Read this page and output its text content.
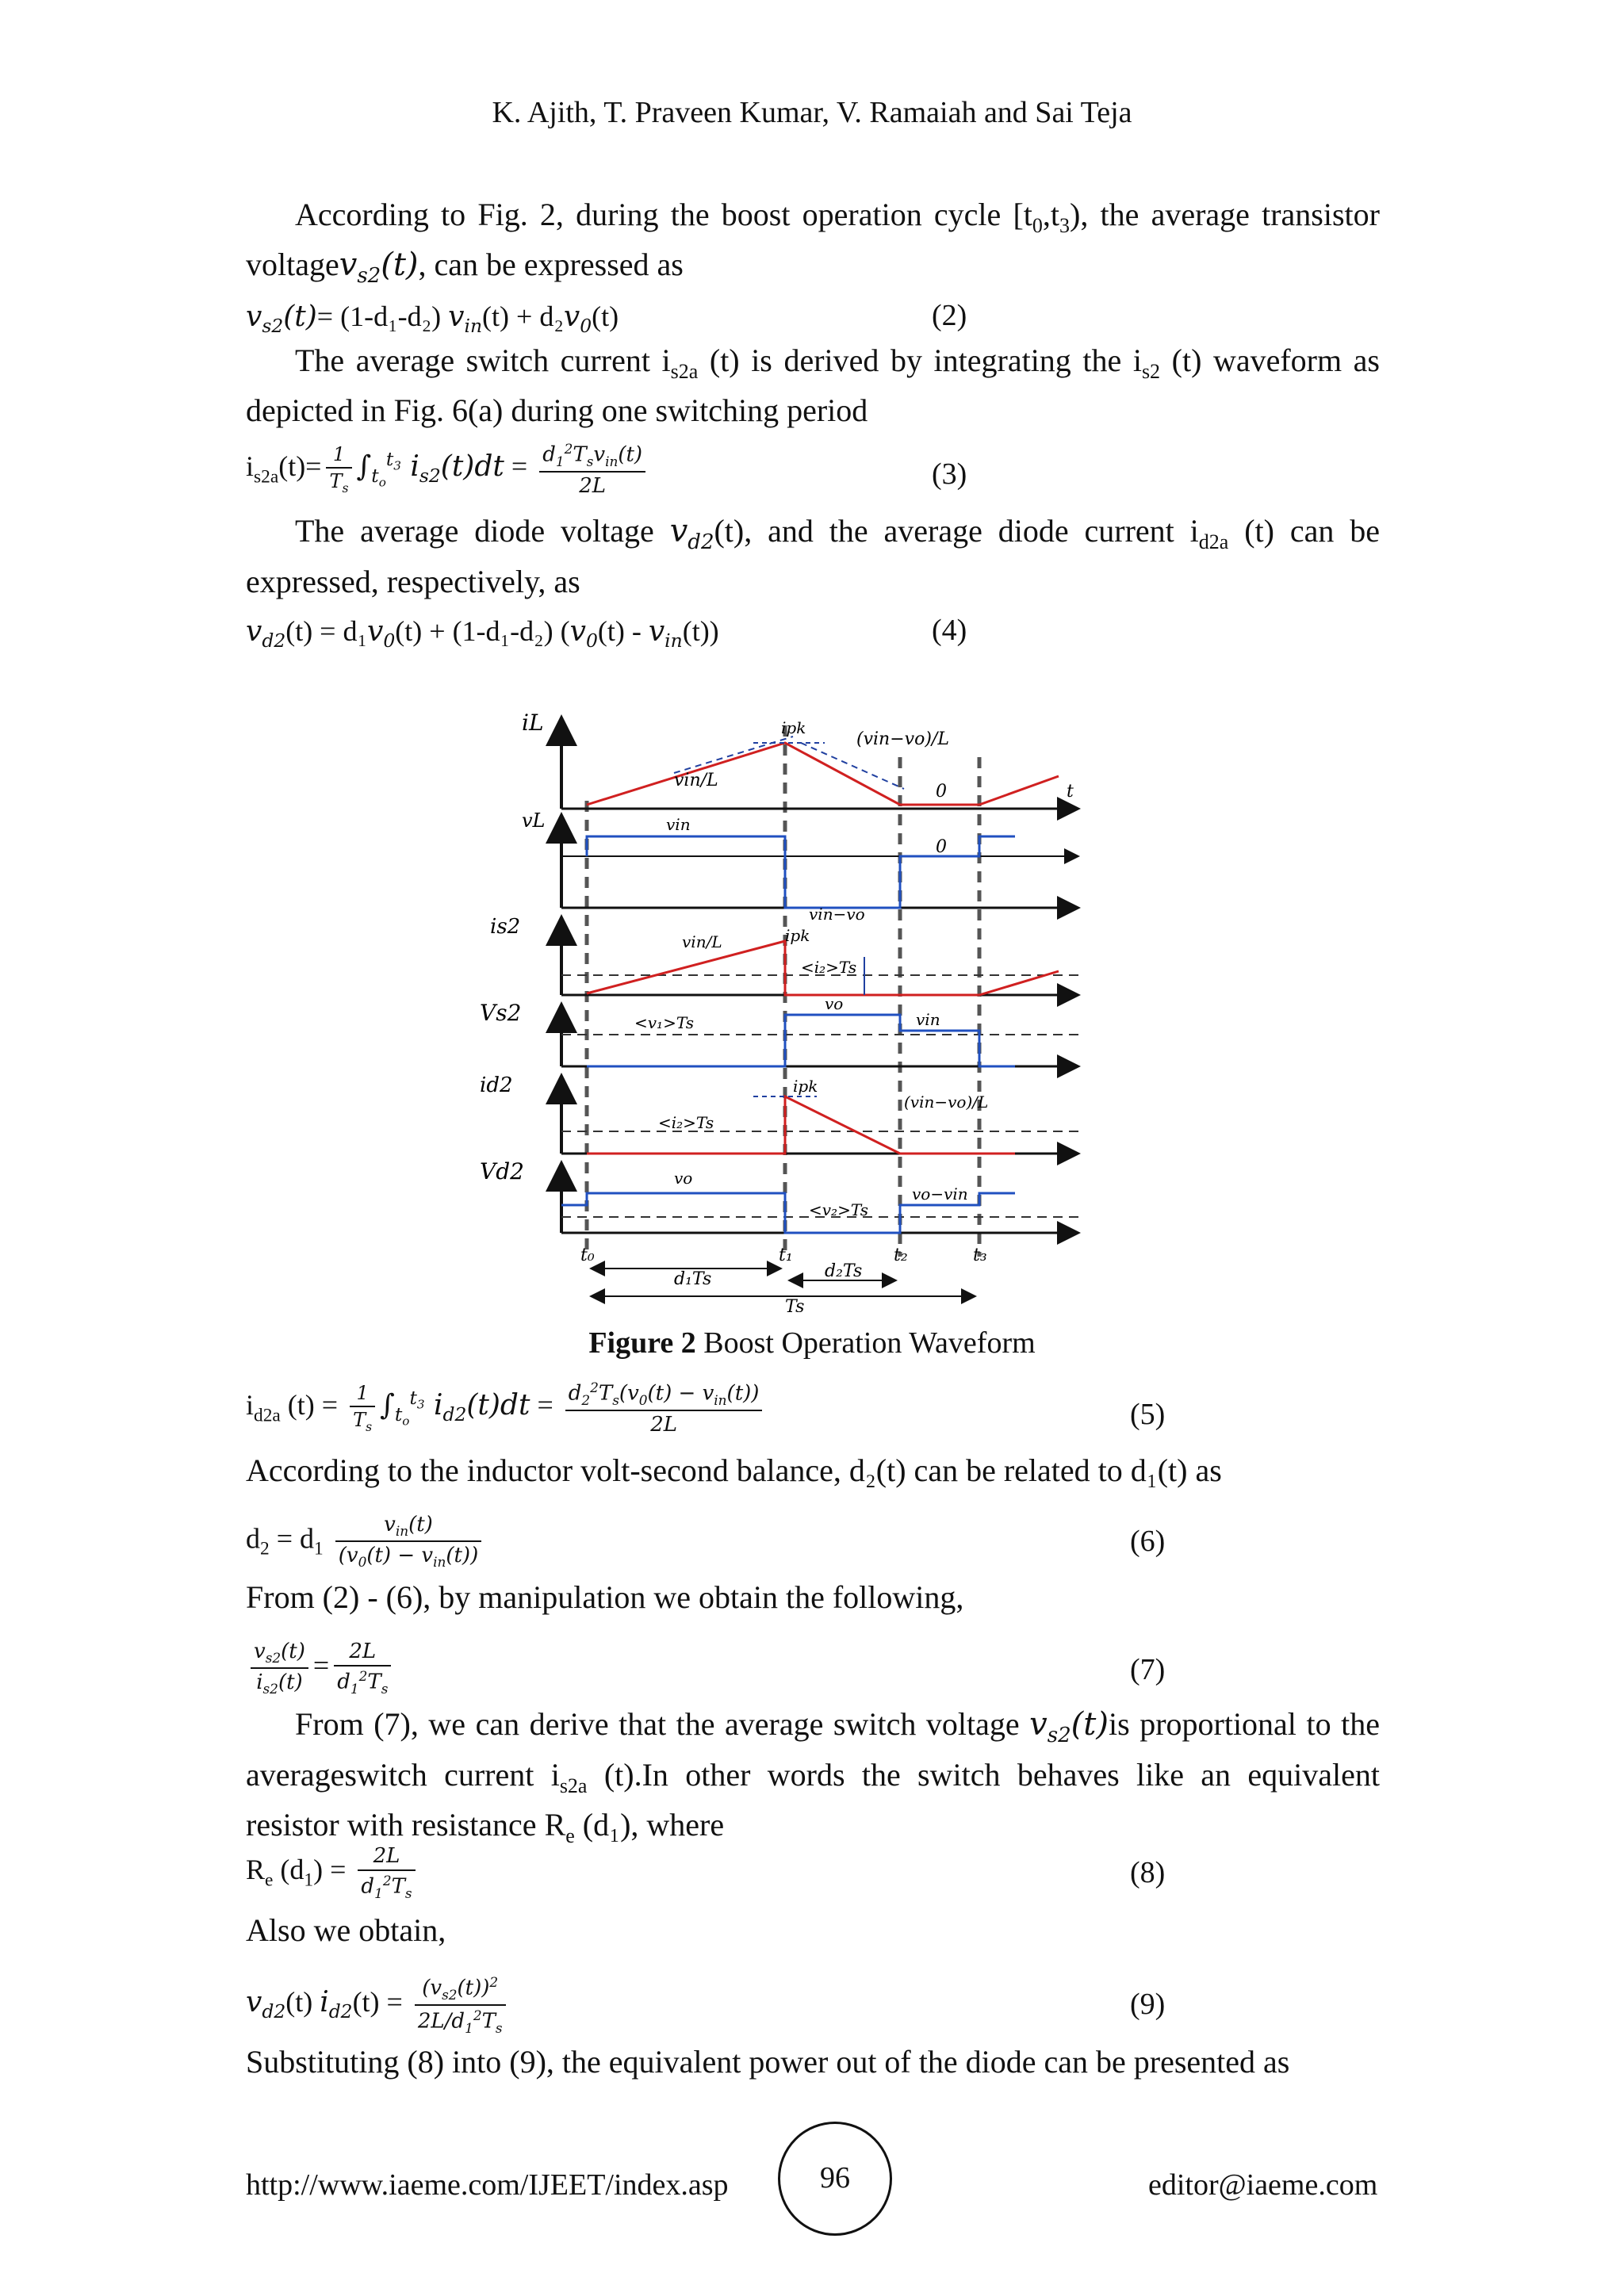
K. Ajith, T. Praveen Kumar, V. Ramaiah and Sai Teja
According to Fig. 2, during the boost operation cycle $[t_0,t_3)$, the average transistor voltagev$_{s2}$(t), can be expressed as
$v_{s2}(t)= (1-d_1-d_2) v_{in}(t) + d_2v_0(t)$	(2)
The average switch current $i_{s2a}$ (t) is derived by integrating the $i_{s2}$ (t) waveform as depicted in Fig. 6(a) during one switching period
$i_{s2a}(t)= \frac{1}{T_s} \int_{t_o}^{t_3}$ $i_{s2}(t)dt = \frac{d_1^2T_sv_{in}(t)}{2L}$	(3)
The average diode voltage $v_{d2}(t)$, and the average diode current $i_{d2a}$ (t) can be expressed, respectively, as
$v_{d2}(t) = d_1v_0(t) + (1-d_1-d_2)$ $(v_0(t) - v_{in}(t))$	(4)
iL	ipk
(vin−vo)/L
vin/L
0	t
vL	vin
0
is2
vin/L	ipk
vin−vo
<i₂>Ts
Vs2	<v₁>Ts
vo
vin
id2
<i₂>Ts
ipk
(vin−vo)/L
Vd2	vo
<v₂>Ts
vo−vin
t₀	t₁	t₂	t₃
d₁Ts	d₂Ts
Ts
Figure 2 Boost Operation Waveform
$i_{d2a}$ $(t) = \frac{1}{T_s} \int_{t_o}^{t_3}$ $i_{d2}(t)dt = \frac{d_2^2T_s(v_0(t) - v_{in}(t))}{2L}$	(5)
According to the inductor volt-second balance, d₂(t) can be related to d₁(t) as
$d_2 = d_1 \frac{v_{in}(t)}{(v_0(t) - v_{in}(t))}$	(6)
From (2) - (6), by manipulation we obtain the following,
$\frac{v_{s2}(t)}{i_{s2}(t)} = \frac{2L}{d_1^2T_s}$	(7)
From (7), we can derive that the average switch voltage $v_{s2}(t)is$ proportional to the averageswitch current $i_{s2a}$ (t).In other words the switch behaves like an equivalent resistor with resistance $R_e$ (d₁), where
$R_e$ $(d_1) = \frac{2L}{d_1^2T_s}$	(8)
Also we obtain,
$v_{d2}(t) i_{d2}(t) = \frac{(v_{s2}(t))^2}{2L/d_1^2T_s}$	(9)
Substituting (8) into (9), the equivalent power out of the diode can be presented as
http://www.iaeme.com/IJEET/index.asp	96	editor@iaeme.com
